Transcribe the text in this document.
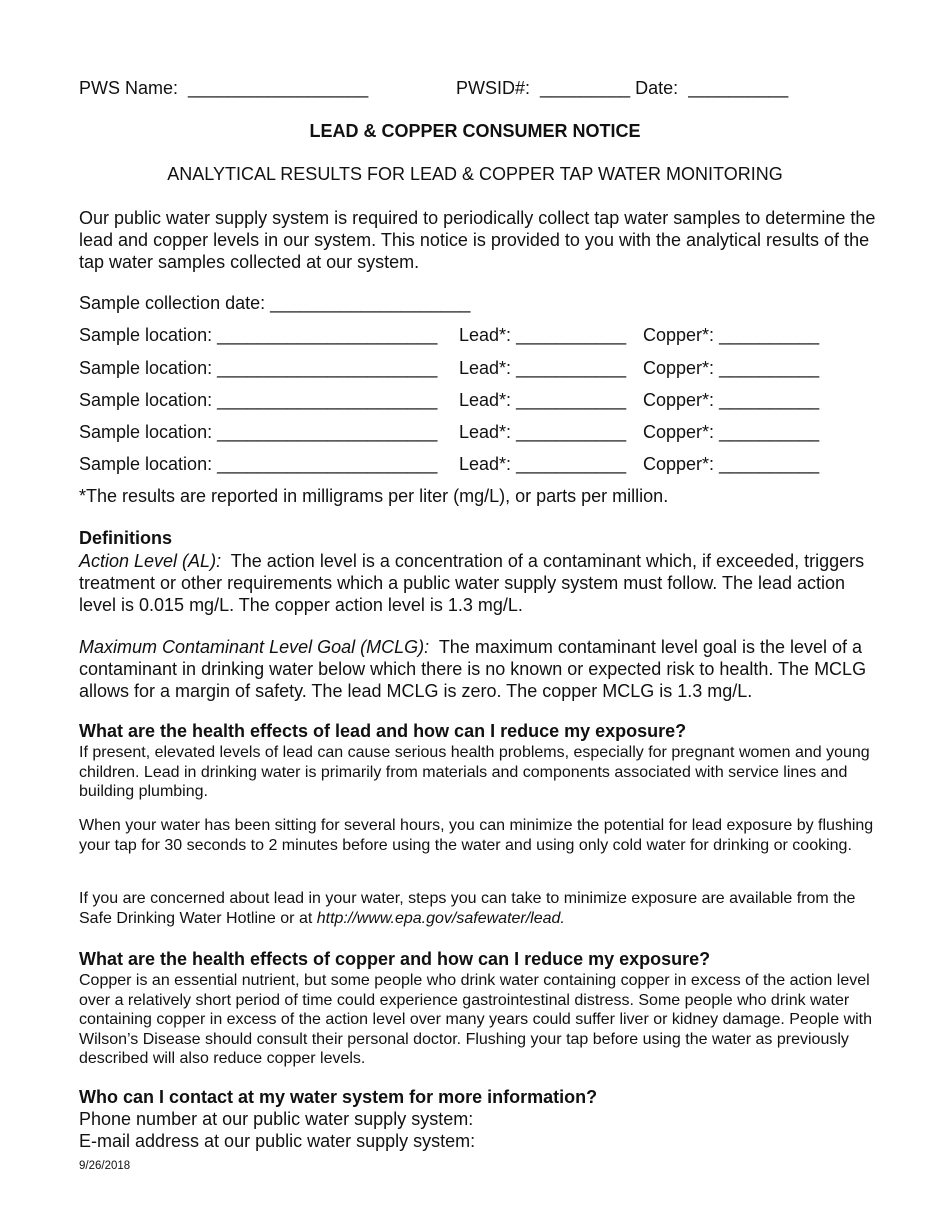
PWS Name: __________________	PWSID#: _________ Date: __________
LEAD & COPPER CONSUMER NOTICE
ANALYTICAL RESULTS FOR LEAD & COPPER TAP WATER MONITORING
Our public water supply system is required to periodically collect tap water samples to determine the lead and copper levels in our system. This notice is provided to you with the analytical results of the tap water samples collected at our system.
Sample collection date: ____________________
Sample location: ______________________ Lead*: ___________ Copper*: __________
Sample location: ______________________ Lead*: ___________ Copper*: __________
Sample location: ______________________ Lead*: ___________ Copper*: __________
Sample location: ______________________ Lead*: ___________ Copper*: __________
Sample location: ______________________ Lead*: ___________ Copper*: __________
*The results are reported in milligrams per liter (mg/L), or parts per million.
Definitions
Action Level (AL): The action level is a concentration of a contaminant which, if exceeded, triggers treatment or other requirements which a public water supply system must follow. The lead action level is 0.015 mg/L. The copper action level is 1.3 mg/L.
Maximum Contaminant Level Goal (MCLG): The maximum contaminant level goal is the level of a contaminant in drinking water below which there is no known or expected risk to health. The MCLG allows for a margin of safety. The lead MCLG is zero. The copper MCLG is 1.3 mg/L.
What are the health effects of lead and how can I reduce my exposure?
If present, elevated levels of lead can cause serious health problems, especially for pregnant women and young children. Lead in drinking water is primarily from materials and components associated with service lines and building plumbing.
When your water has been sitting for several hours, you can minimize the potential for lead exposure by flushing your tap for 30 seconds to 2 minutes before using the water and using only cold water for drinking or cooking.
If you are concerned about lead in your water, steps you can take to minimize exposure are available from the Safe Drinking Water Hotline or at http://www.epa.gov/safewater/lead.
What are the health effects of copper and how can I reduce my exposure?
Copper is an essential nutrient, but some people who drink water containing copper in excess of the action level over a relatively short period of time could experience gastrointestinal distress. Some people who drink water containing copper in excess of the action level over many years could suffer liver or kidney damage. People with Wilson’s Disease should consult their personal doctor. Flushing your tap before using the water as previously described will also reduce copper levels.
Who can I contact at my water system for more information?
Phone number at our public water supply system:
E-mail address at our public water supply system:
9/26/2018
